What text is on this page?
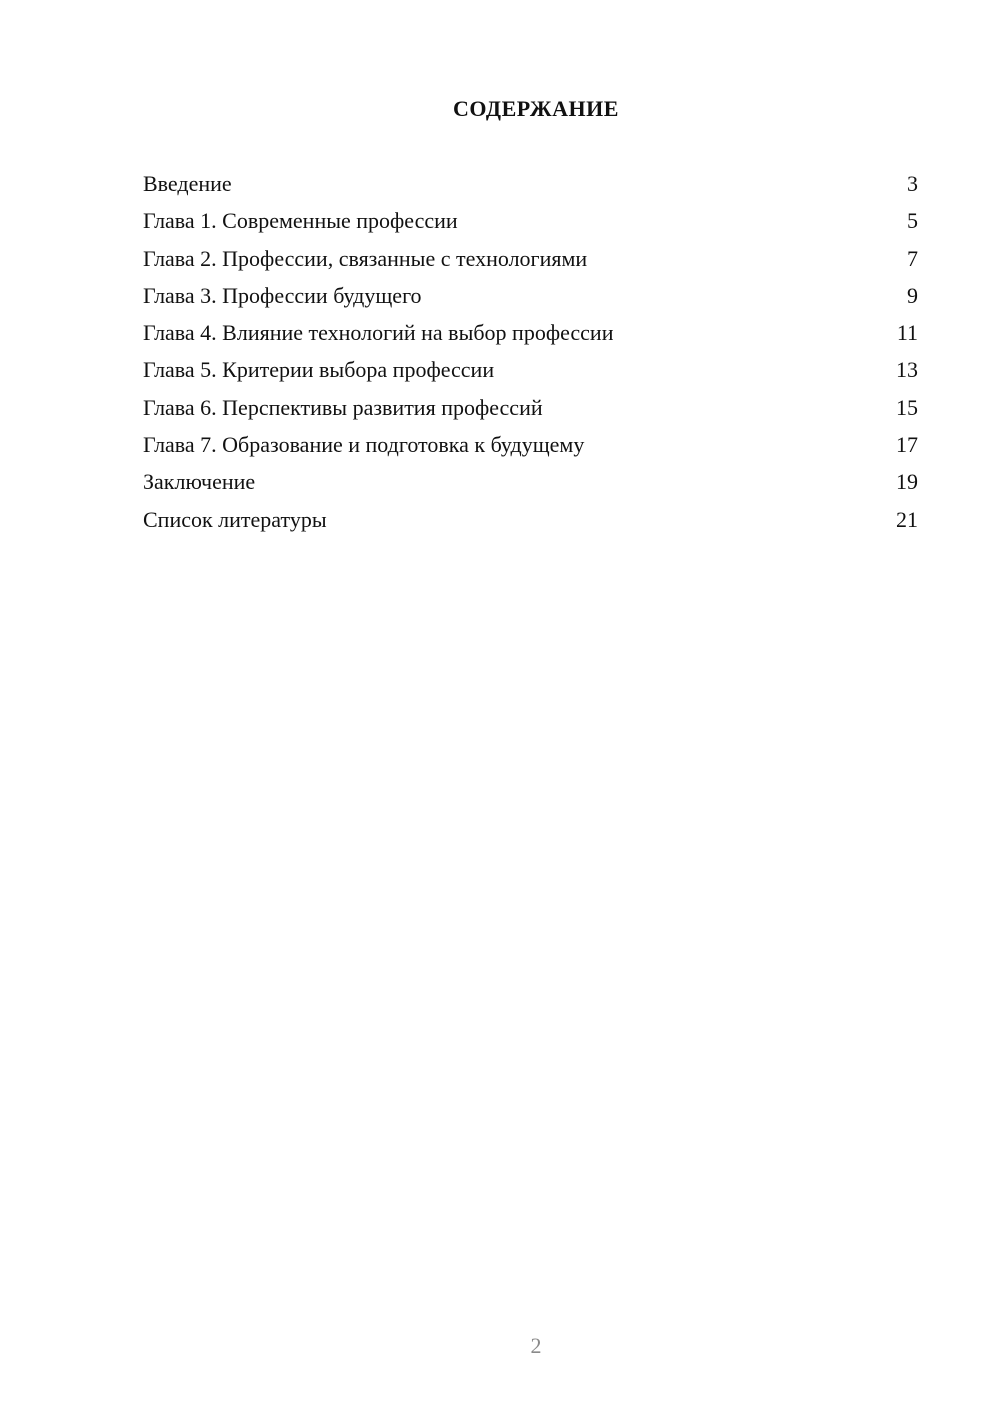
СОДЕРЖАНИЕ
Введение	3
Глава 1. Современные профессии	5
Глава 2. Профессии, связанные с технологиями	7
Глава 3. Профессии будущего	9
Глава 4. Влияние технологий на выбор профессии	11
Глава 5. Критерии выбора профессии	13
Глава 6. Перспективы развития профессий	15
Глава 7. Образование и подготовка к будущему	17
Заключение	19
Список литературы	21
2
